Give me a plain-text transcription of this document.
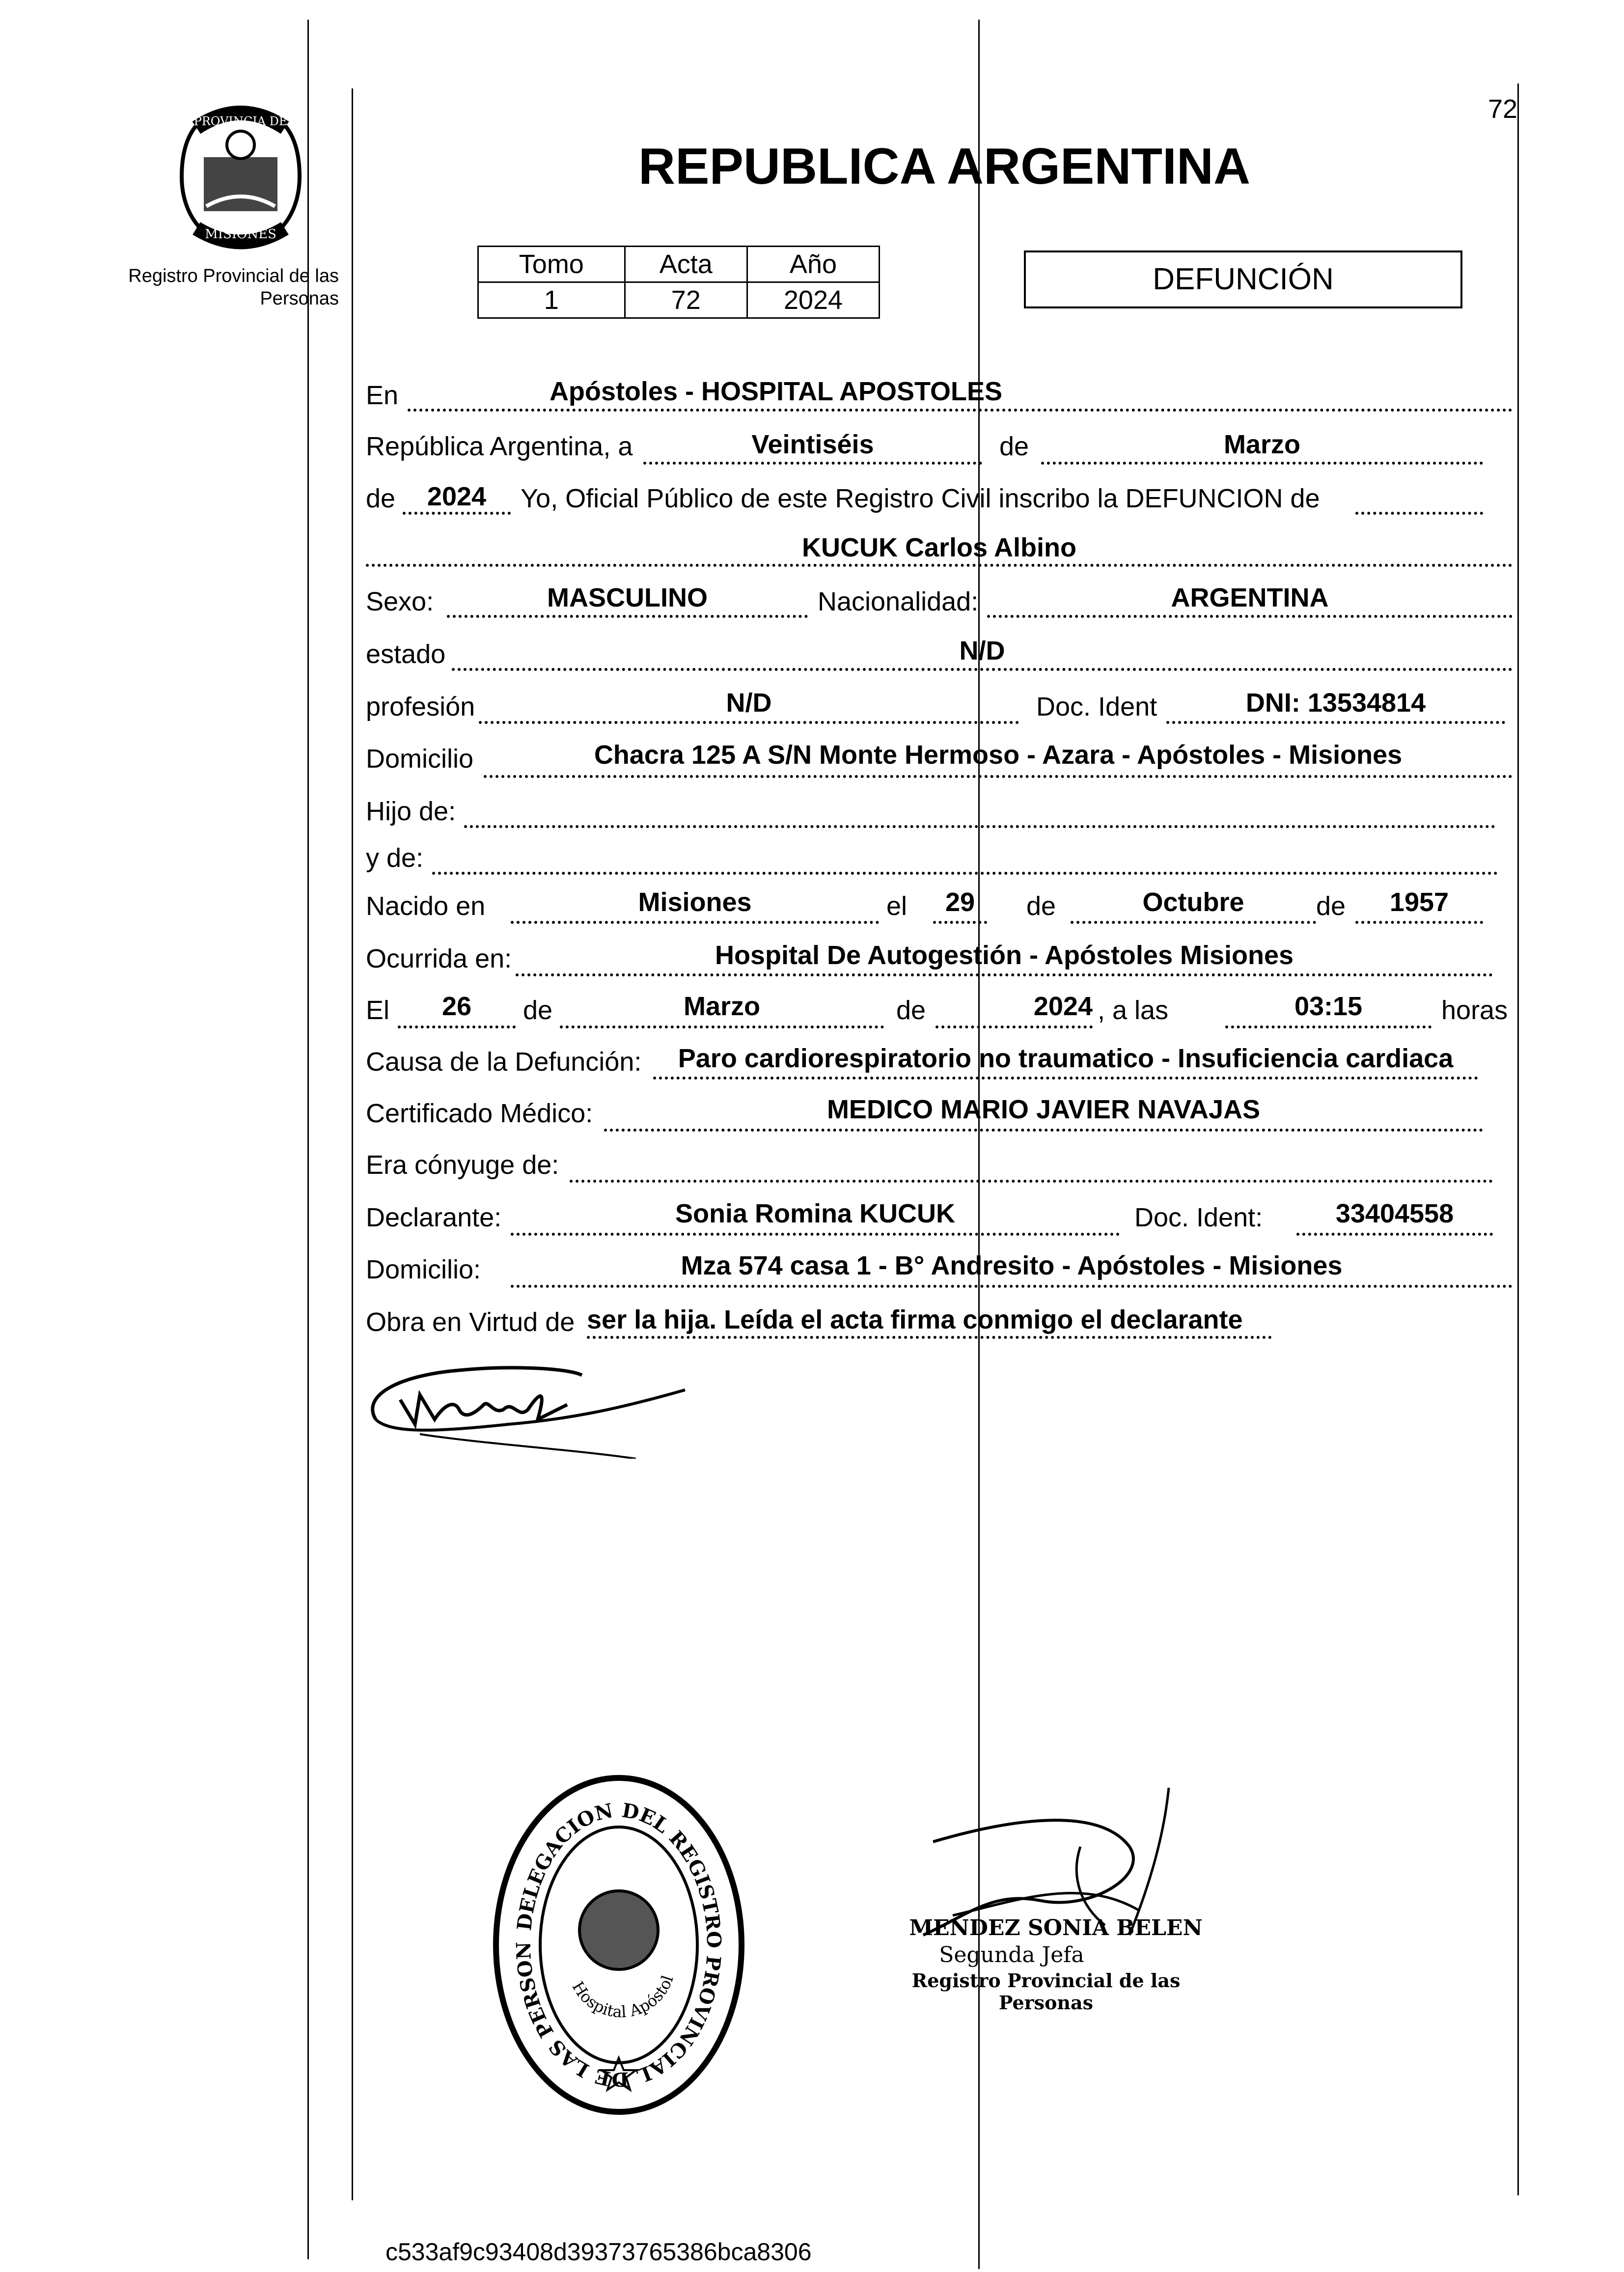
72
PROVINCIA DE
MISIONES
Registro Provincial de las Personas
REPUBLICA ARGENTINA
Tomo	Acta	Año
1	72	2024
DEFUNCIÓN
En	Apóstoles - HOSPITAL APOSTOLES
República Argentina, a	Veintiséis	de	Marzo
de	2024	Yo, Oficial Público de este Registro Civil inscribo la DEFUNCION de
KUCUK Carlos Albino
Sexo:	MASCULINO	Nacionalidad:	ARGENTINA
estado	N/D
profesión	N/D	Doc. Ident	DNI: 13534814
Domicilio	Chacra 125 A S/N Monte Hermoso - Azara - Apóstoles - Misiones
Hijo de:
y de:
Nacido en	Misiones	el	29	de	Octubre	de	1957
Ocurrida en:	Hospital De Autogestión - Apóstoles Misiones
El	26	de	Marzo	de	2024 , a las	03:15	horas
Causa de la Defunción:	Paro cardiorespiratorio no traumatico - Insuficiencia cardiaca
Certificado Médico:	MEDICO MARIO JAVIER NAVAJAS
Era cónyuge de:
Declarante:	Sonia Romina KUCUK	Doc. Ident:	33404558
Domicilio:	Mza 574 casa 1 - B° Andresito - Apóstoles - Misiones
Obra en Virtud de ser la hija. Leída el acta firma conmigo el declarante
DELEGACION DEL REGISTRO PROVINCIAL DE LAS PERSON
Hospital Apóstol
MENDEZ SONIA BELEN
Segunda Jefa
Registro Provincial de las Personas
c533af9c93408d39373765386bca8306
